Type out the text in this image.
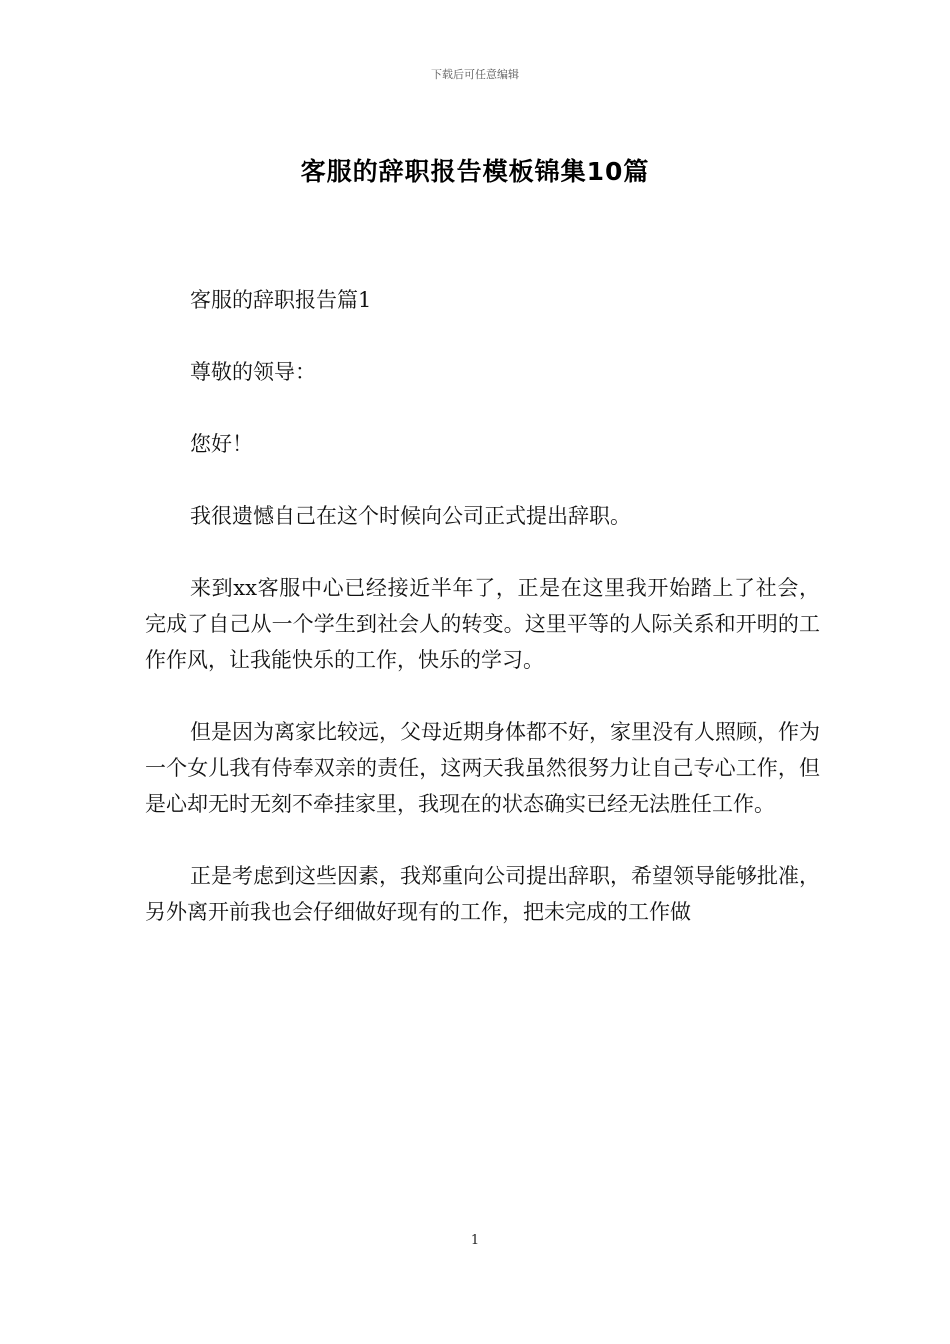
下载后可任意编辑
客服的辞职报告模板锦集10篇

客服的辞职报告篇1

尊敬的领导：

您好！

我很遗憾自己在这个时候向公司正式提出辞职。

来到xx客服中心已经接近半年了，正是在这里我开始踏上了社会，完成了自己从一个学生到社会人的转变。这里平等的人际关系和开明的工作作风，让我能快乐的工作，快乐的学习。

但是因为离家比较远，父母近期身体都不好，家里没有人照顾，作为一个女儿我有侍奉双亲的责任，这两天我虽然很努力让自己专心工作，但是心却无时无刻不牵挂家里，我现在的状态确实已经无法胜任工作。

正是考虑到这些因素，我郑重向公司提出辞职，希望领导能够批准，另外离开前我也会仔细做好现有的工作，把未完成的工作做

1
